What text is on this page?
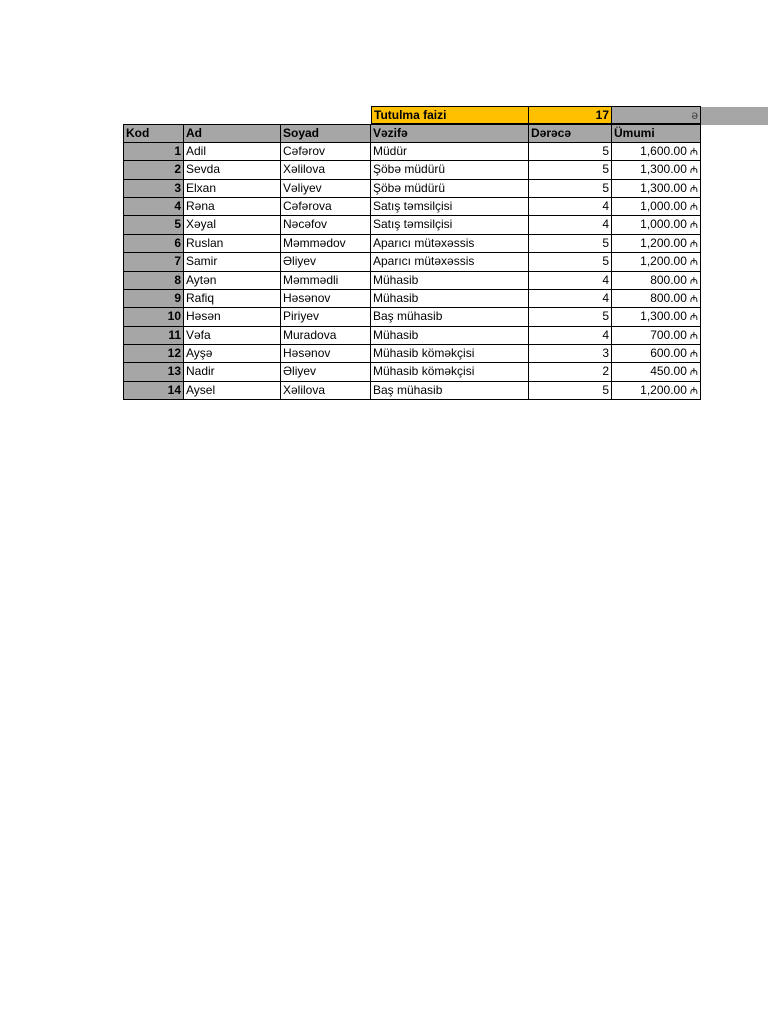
Tutulma faizi	17	ə
Kod	Ad	Soyad	Vəzifə	Dərəcə	Ümumi
1 Adil	Cəfərov	Müdür	5	1,600.00 ₼
2 Sevda	Xəlilova	Şöbə müdürü	5	1,300.00 ₼
3 Elxan	Vəliyev	Şöbə müdürü	5	1,300.00 ₼
4 Rəna	Cəfərova	Satış təmsilçisi	4	1,000.00 ₼
5 Xəyal	Nəcəfov	Satış təmsilçisi	4	1,000.00 ₼
6 Ruslan	Məmmədov	Aparıcı mütəxəssis	5	1,200.00 ₼
7 Samir	Əliyev	Aparıcı mütəxəssis	5	1,200.00 ₼
8 Aytən	Məmmədli	Mühasib	4	800.00 ₼
9 Rafiq	Həsənov	Mühasib	4	800.00 ₼
10 Həsən	Piriyev	Baş mühasib	5	1,300.00 ₼
11 Vəfa	Muradova	Mühasib	4	700.00 ₼
12 Ayşə	Həsənov	Mühasib köməkçisi	3	600.00 ₼
13 Nadir	Əliyev	Mühasib köməkçisi	2	450.00 ₼
14 Aysel	Xəlilova	Baş mühasib	5	1,200.00 ₼
